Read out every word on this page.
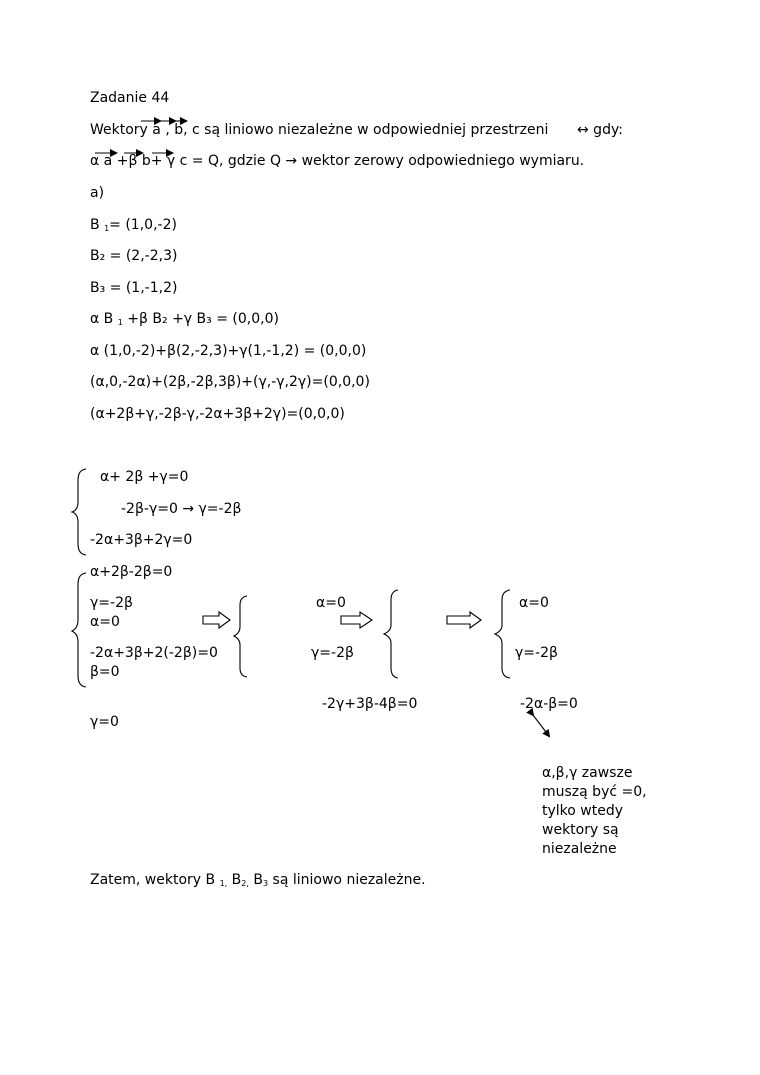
Zadanie 44
Wektory a , b, c są liniowo niezależne w odpowiedniej przestrzeni ↔ gdy:
α a +β b+ γ c = Q, gdzie Q → wektor zerowy odpowiedniego wymiaru.
a)
B $_1$= (1,0,-2)
B₂ = (2,-2,3)
B₃ = (1,-1,2)
α B $_1$ +β B₂ +γ B₃ = (0,0,0)
α (1,0,-2)+β(2,-2,3)+γ(1,-1,2) = (0,0,0)
(α,0,-2α)+(2β,-2β,3β)+(γ,-γ,2γ)=(0,0,0)
(α+2β+γ,-2β-γ,-2α+3β+2γ)=(0,0,0)
α+ 2β +γ=0
-2β-γ=0 → γ=-2β
-2α+3β+2γ=0
α+2β-2β=0
γ=-2β
α=0
-2α+3β+2(-2β)=0
β=0
γ=0
α=0
γ=-2β
-2γ+3β-4β=0
α=0
γ=-2β
-2α-β=0
α,β,γ zawsze muszą być =0, tylko wtedy wektory są niezależne
Zatem, wektory B $_{1,}$ $B_{2,}$ $B_3$ są liniowo niezależne.
